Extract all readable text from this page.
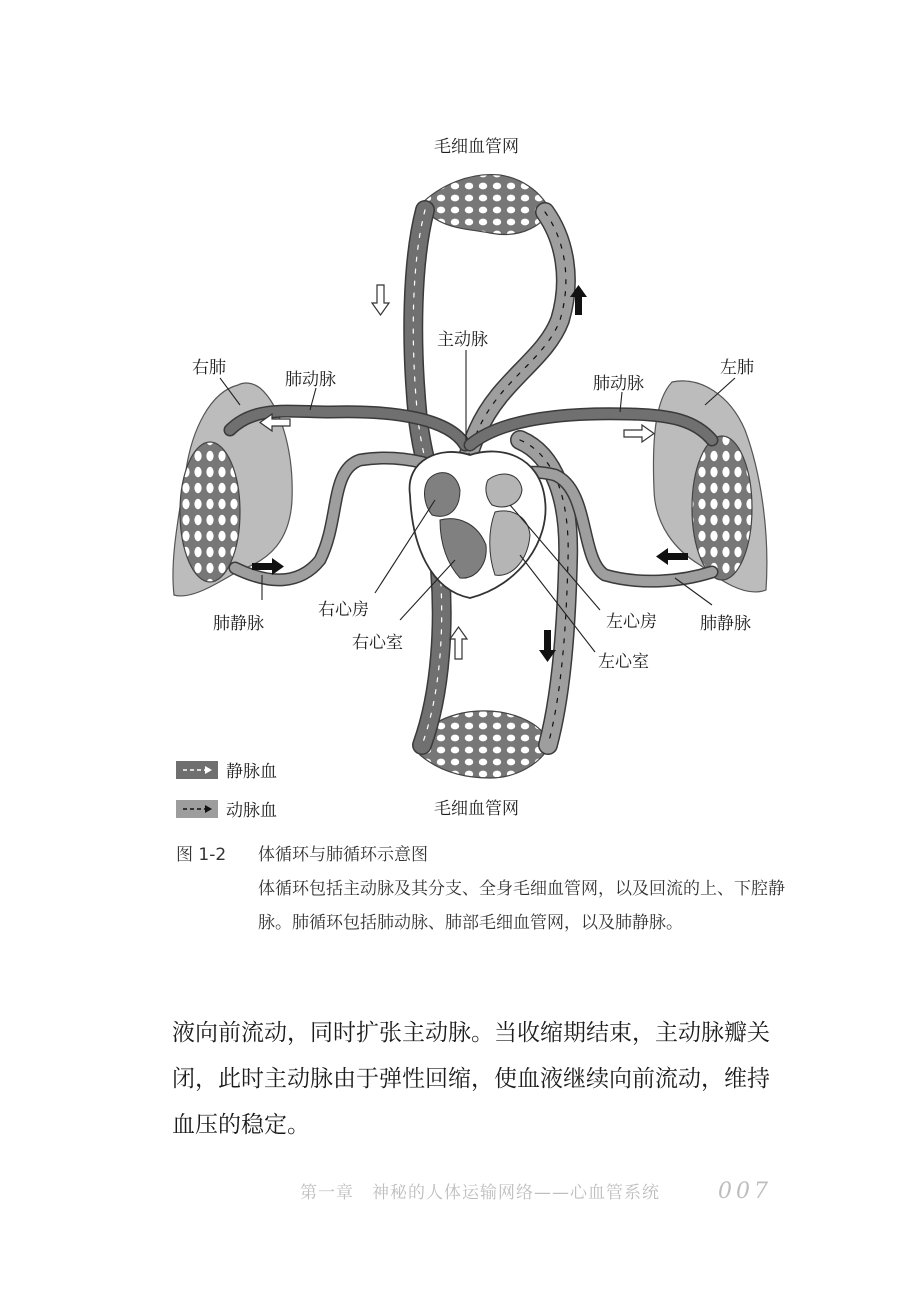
毛细血管网
主动脉
右肺	左肺
肺动脉	肺动脉
肺静脉	肺静脉
右心房
右心室
左心房
左心室
毛细血管网
静脉血
动脉血
图 1-2	体循环与肺循环示意图
体循环包括主动脉及其分支、全身毛细血管网，以及回流的上、下腔静脉。肺循环包括肺动脉、肺部毛细血管网，以及肺静脉。
液向前流动，同时扩张主动脉。当收缩期结束，主动脉瓣关闭，此时主动脉由于弹性回缩，使血液继续向前流动，维持血压的稳定。
第一章　神秘的人体运输网络——心血管系统	007
